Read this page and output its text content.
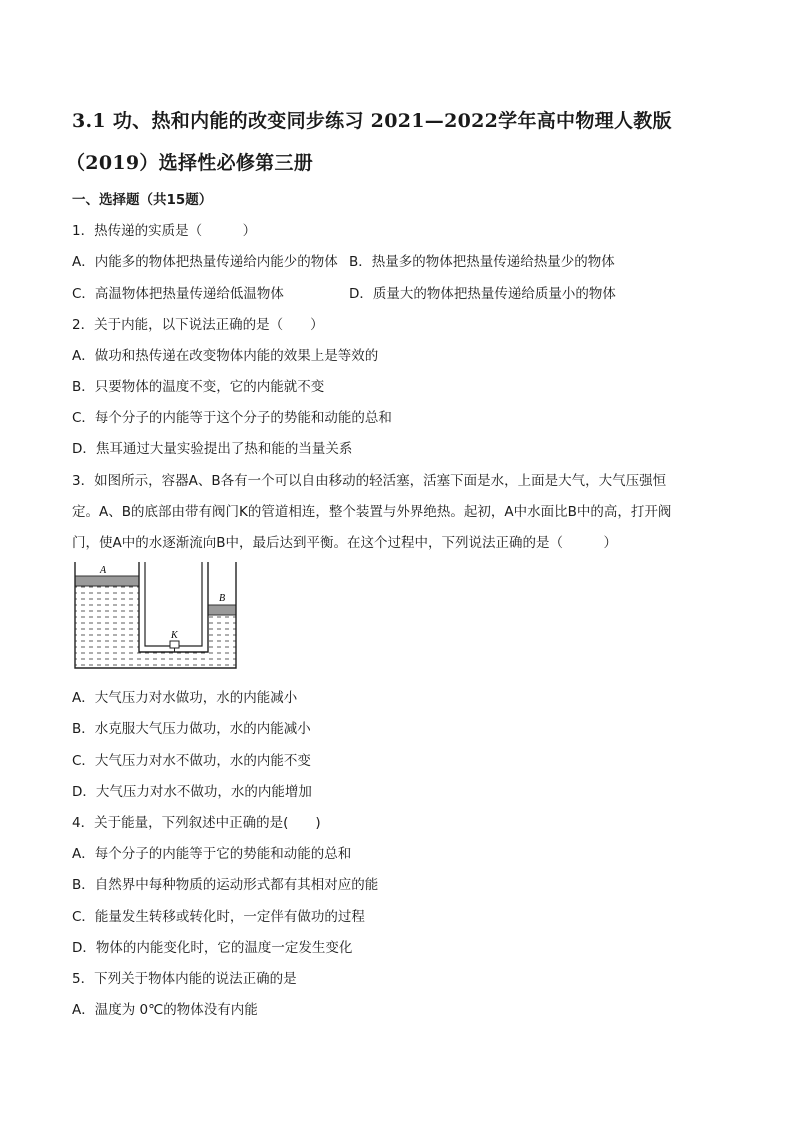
3.1 功、热和内能的改变同步练习 2021—2022学年高中物理人教版
（2019）选择性必修第三册
一、选择题（共15题）
1．热传递的实质是（　　　）
A．内能多的物体把热量传递给内能少的物体 B．热量多的物体把热量传递给热量少的物体
C．高温物体把热量传递给低温物体	D．质量大的物体把热量传递给质量小的物体
2．关于内能，以下说法正确的是（　　）
A．做功和热传递在改变物体内能的效果上是等效的
B．只要物体的温度不变，它的内能就不变
C．每个分子的内能等于这个分子的势能和动能的总和
D．焦耳通过大量实验提出了热和能的当量关系
3．如图所示，容器A、B各有一个可以自由移动的轻活塞，活塞下面是水，上面是大气，大气压强恒
定。A、B的底部由带有阀门K的管道相连，整个装置与外界绝热。起初，A中水面比B中的高，打开阀
门，使A中的水逐渐流向B中，最后达到平衡。在这个过程中，下列说法正确的是（　　　）
A
B
K
A．大气压力对水做功，水的内能减小
B．水克服大气压力做功，水的内能减小
C．大气压力对水不做功，水的内能不变
D．大气压力对水不做功，水的内能增加
4．关于能量，下列叙述中正确的是(　　)
A．每个分子的内能等于它的势能和动能的总和
B．自然界中每种物质的运动形式都有其相对应的能
C．能量发生转移或转化时，一定伴有做功的过程
D．物体的内能变化时，它的温度一定发生变化
5．下列关于物体内能的说法正确的是
A．温度为 0℃的物体没有内能
